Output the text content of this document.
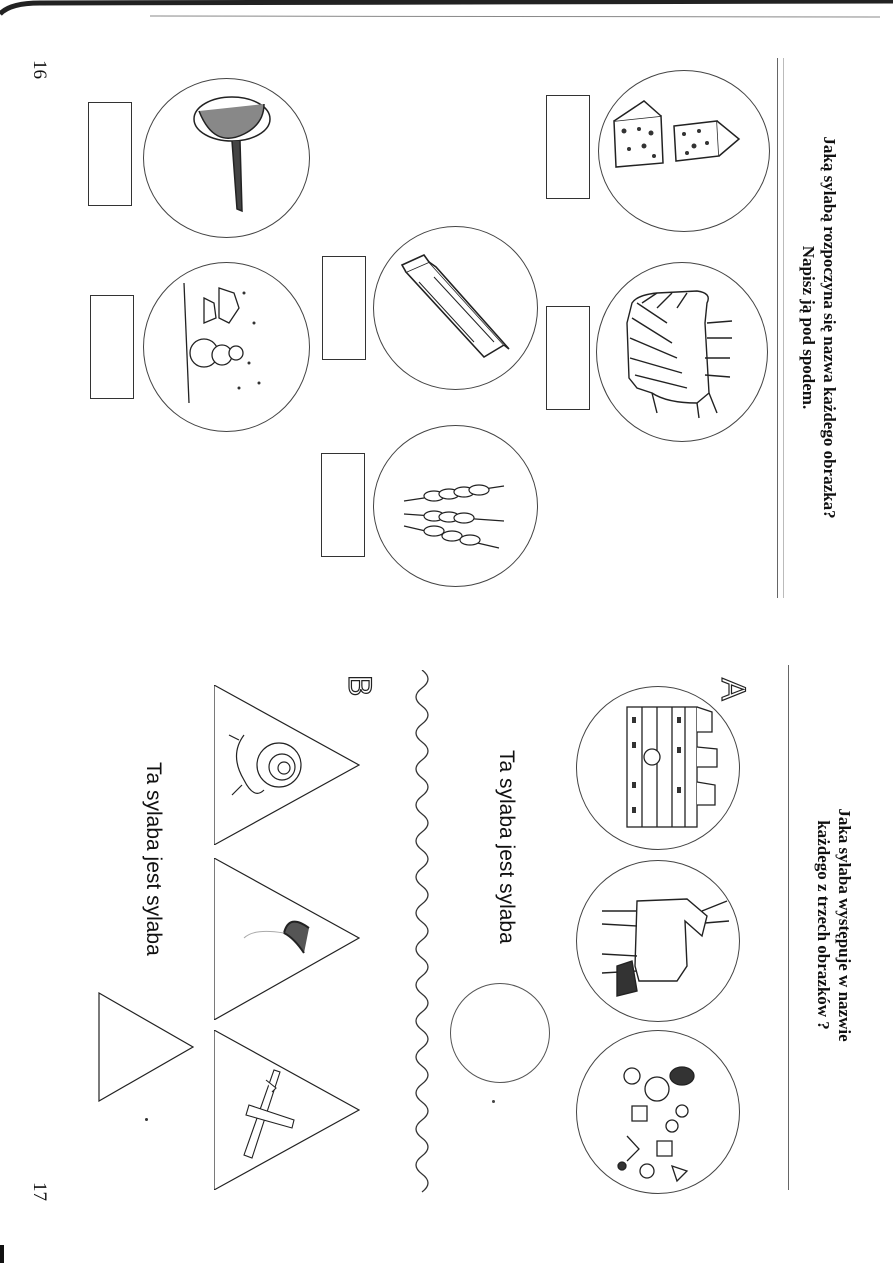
16
17
Jaką sylabą rozpoczyna się nazwa każdego obrazka?
Napisz ją pod spodem.
Jaka sylaba występuje w nazwie
każdego z trzech obrazków ?
A
Ta sylaba jest sylaba
B
Ta sylaba jest sylaba
